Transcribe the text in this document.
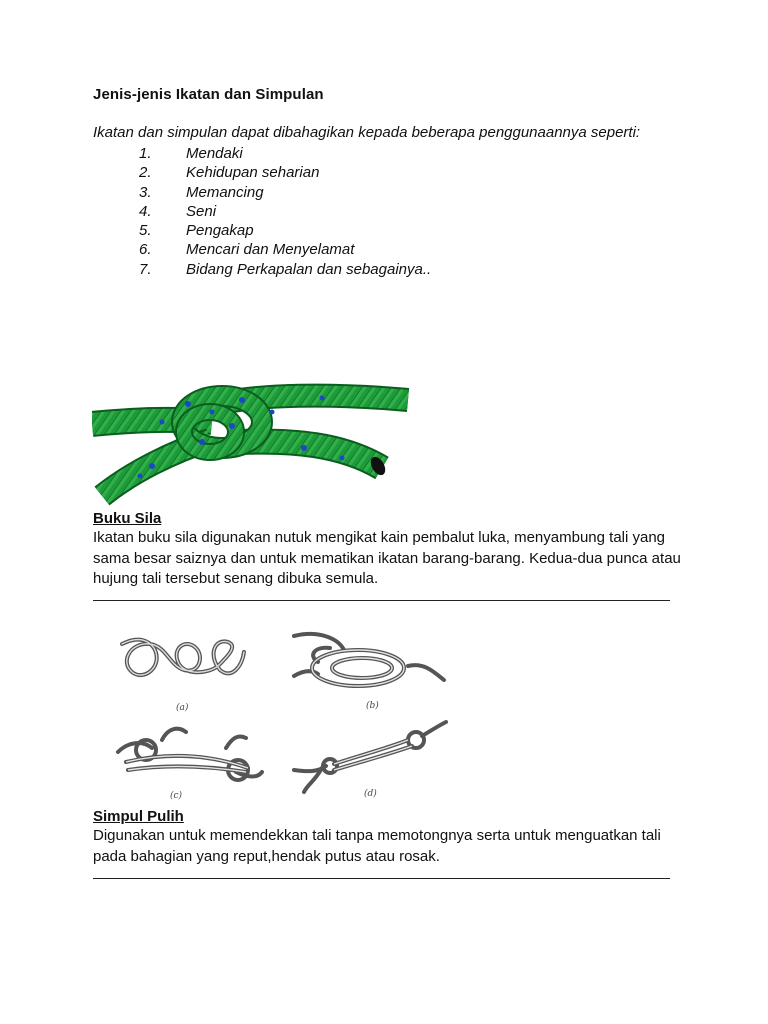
Jenis-jenis Ikatan dan Simpulan

Ikatan dan simpulan dapat dibahagikan kepada beberapa penggunaannya seperti:

1. Mendaki
2. Kehidupan seharian
3. Memancing
4. Seni
5. Pengakap
6. Mencari dan Menyelamat
7. Bidang Perkapalan dan sebagainya..
Buku Sila

Ikatan buku sila digunakan nutuk mengikat kain pembalut luka, menyambung tali yang sama besar saiznya dan untuk mematikan ikatan barang-barang. Kedua-dua punca atau hujung tali tersebut senang dibuka semula.

(a)	(b)
(c)	(d)
Simpul Pulih

Digunakan untuk memendekkan tali tanpa memotongnya serta untuk menguatkan tali pada bahagian yang reput,hendak putus atau rosak.
